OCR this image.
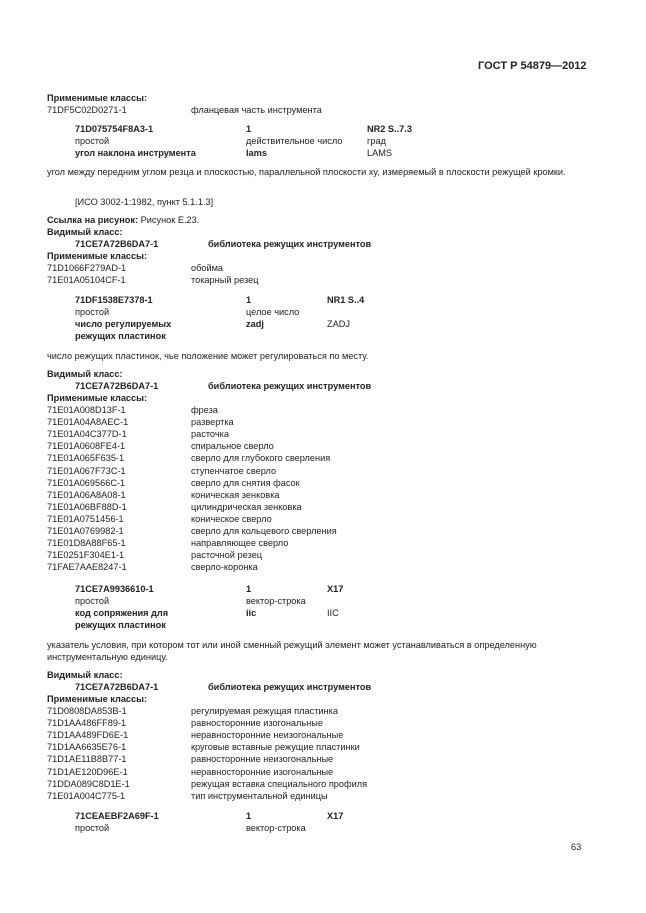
ГОСТ Р 54879—2012
Применимые классы:
71DF5C02D0271-1	фланцевая часть инструмента
71D075754F8A3-1	1	NR2 S..7.3
простой	действительное число	град
угол наклона инструмента	lams	LAMS
угол между передним углом резца и плоскостью, параллельной плоскости xy, измеряемый в плоскости режущей кромки.
[ИСО 3002-1:1982, пункт 5.1.1.3]
Ссылка на рисунок: Рисунок Е.23.
Видимый класс:
71CE7A72B6DA7-1	библиотека режущих инструментов
Применимые классы:
71D1066F279AD-1	обойма
71E01A05104CF-1	токарный резец
71DF1538E7378-1	1	NR1 S..4
простой	целое число
число регулируемых	zadj	ZADJ
режущих пластинок
число режущих пластинок, чье положение может регулироваться по месту.
Видимый класс:
71CE7A72B6DA7-1	библиотека режущих инструментов
Применимые классы:
71E01A008D13F-1	фреза
71E01A04A8AEC-1	развертка
71E01A04C377D-1	расточка
71E01A0608FE4-1	спиральное сверло
71E01A065F635-1	сверло для глубокого сверления
71E01A067F73C-1	ступенчатое сверло
71E01A069566C-1	сверло для снятия фасок
71E01A06A8A08-1	коническая зенковка
71E01A06BF88D-1	цилиндрическая зенковка
71E01A0751456-1	коническое сверло
71E01A0769982-1	сверло для кольцевого сверления
71E01D8A88F65-1	направляющее сверло
71E0251F304E1-1	расточной резец
71FAE7AAE8247-1	сверло-коронка
71CE7A9936610-1	1	X17
простой	вектор-строка
код сопряжения для	iic	IIC
режущих пластинок
указатель условия, при котором тот или иной сменный режущий элемент может устанавливаться в определенную инструментальную единицу.
Видимый класс:
71CE7A72B6DA7-1	библиотека режущих инструментов
Применимые классы:
71D0808DA853B-1	регулируемая режущая пластинка
71D1AA486FF89-1	равносторонние изогональные
71D1AA489FD6E-1	неравносторонние неизогональные
71D1AA6635E76-1	круговые вставные режущие пластинки
71D1AE11B8B77-1	равносторонние неизогональные
71D1AE120D96E-1	неравносторонние изогональные
71DDA089C8D1E-1	режущая вставка специального профиля
71E01A004C775-1	тип инструментальной единицы
71CEAEBF2A69F-1	1	X17
простой	вектор-строка
63
